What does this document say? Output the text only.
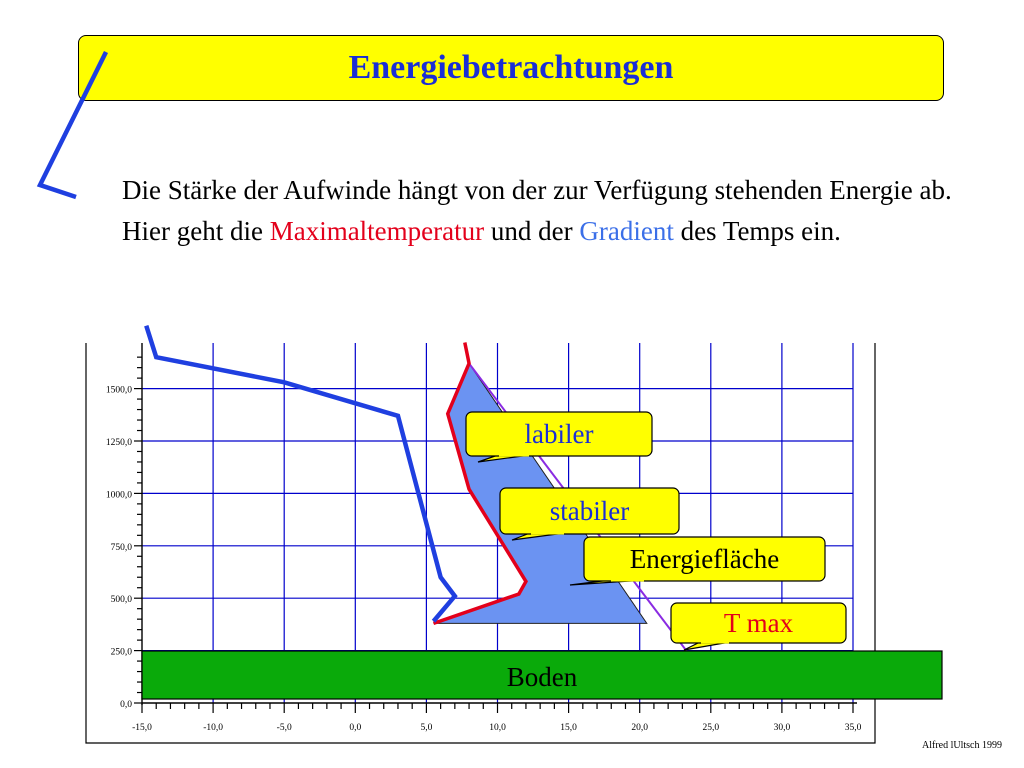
Energiebetrachtungen
Die Stärke der Aufwinde hängt von der zur Verfügung stehenden Energie ab.
Hier geht die Maximaltemperatur und der Gradient des Temps ein.
0,0
250,0
500,0
750,0
1000,0
1250,0
1500,0
-15,0	-10,0	-5,0	0,0	5,0	10,0	15,0	20,0	25,0	30,0	35,0
Boden
labiler
stabiler
Energiefläche
T max
Alfred lUltsch 1999
